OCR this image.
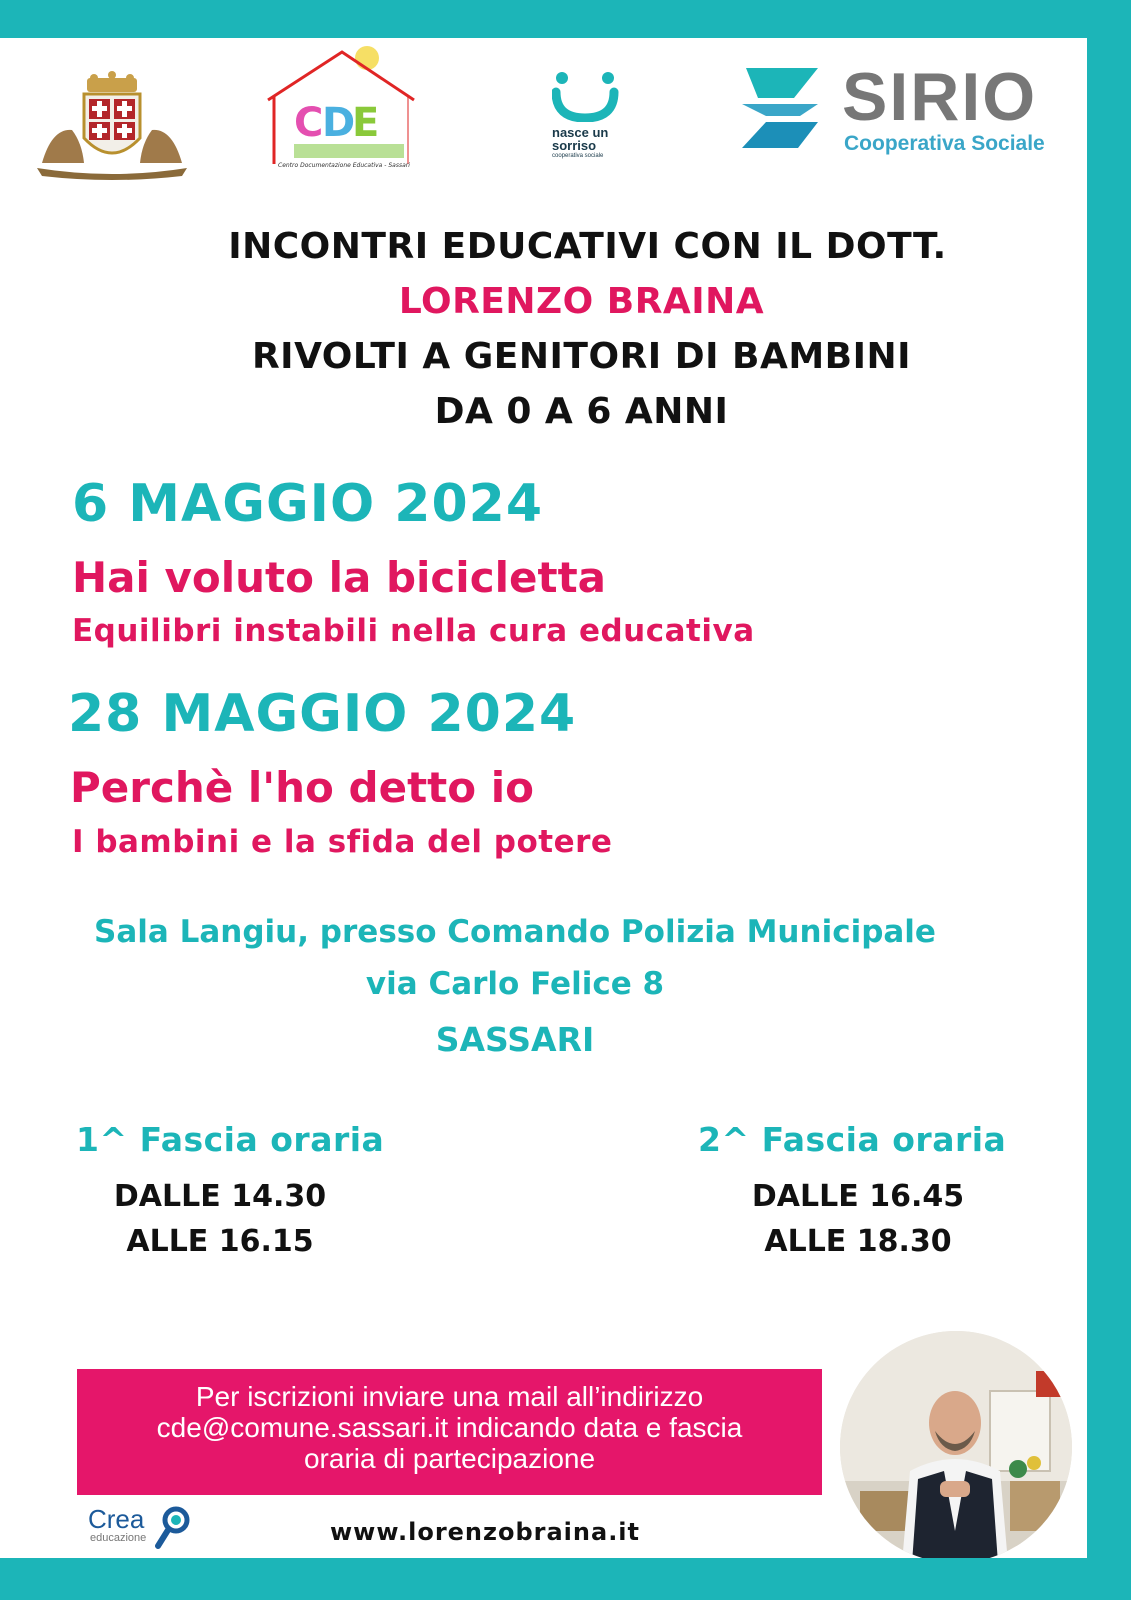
C
D
E
Centro Documentazione Educativa - Sassari
nasce un
sorriso
cooperativa sociale
SIRIO
Cooperativa Sociale
INCONTRI EDUCATIVI CON IL DOTT.
LORENZO BRAINA
RIVOLTI A GENITORI DI BAMBINI
DA 0 A 6 ANNI
6 MAGGIO 2024
Hai voluto la bicicletta
Equilibri instabili nella cura educativa
28 MAGGIO 2024
Perchè l'ho detto io
I bambini e la sfida del potere
Sala Langiu, presso Comando Polizia Municipale
via Carlo Felice 8
SASSARI
1^ Fascia oraria
DALLE 14.30
ALLE 16.15
2^ Fascia oraria
DALLE 16.45
ALLE 18.30
Per iscrizioni inviare una mail all’indirizzo
cde@comune.sassari.it indicando data e fascia
oraria di partecipazione
Crea
educazione	www.lorenzobraina.it
